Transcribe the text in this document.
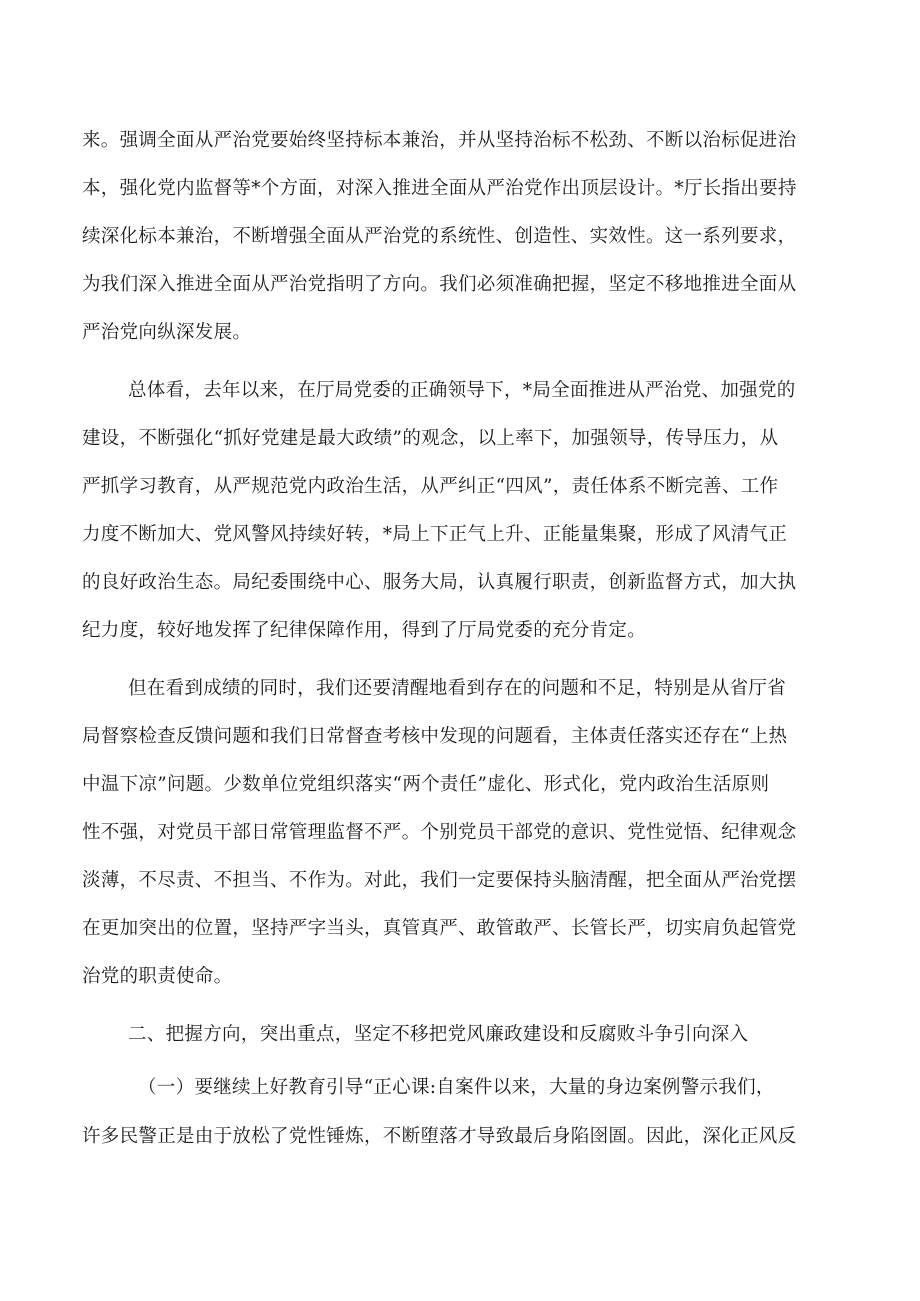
来。强调全面从严治党要始终坚持标本兼治，并从坚持治标不松劲、不断以治标促进治
本，强化党内监督等*个方面，对深入推进全面从严治党作出顶层设计。*厅长指出要持
续深化标本兼治，不断增强全面从严治党的系统性、创造性、实效性。这一系列要求，
为我们深入推进全面从严治党指明了方向。我们必须准确把握，坚定不移地推进全面从
严治党向纵深发展。
总体看，去年以来，在厅局党委的正确领导下，*局全面推进从严治党、加强党的
建设，不断强化“抓好党建是最大政绩”的观念，以上率下，加强领导，传导压力，从
严抓学习教育，从严规范党内政治生活，从严纠正“四风”，责任体系不断完善、工作
力度不断加大、党风警风持续好转，*局上下正气上升、正能量集聚，形成了风清气正
的良好政治生态。局纪委围绕中心、服务大局，认真履行职责，创新监督方式，加大执
纪力度，较好地发挥了纪律保障作用，得到了厅局党委的充分肯定。
但在看到成绩的同时，我们还要清醒地看到存在的问题和不足，特别是从省厅省
局督察检查反馈问题和我们日常督查考核中发现的问题看，主体责任落实还存在“上热
中温下凉”问题。少数单位党组织落实“两个责任”虚化、形式化，党内政治生活原则
性不强，对党员干部日常管理监督不严。个别党员干部党的意识、党性觉悟、纪律观念
淡薄，不尽责、不担当、不作为。对此，我们一定要保持头脑清醒，把全面从严治党摆
在更加突出的位置，坚持严字当头，真管真严、敢管敢严、长管长严，切实肩负起管党
治党的职责使命。
二、把握方向，突出重点，坚定不移把党风廉政建设和反腐败斗争引向深入
（一）要继续上好教育引导“正心课:自案件以来，大量的身边案例警示我们，
许多民警正是由于放松了党性锤炼，不断堕落才导致最后身陷囹圄。因此，深化正风反
